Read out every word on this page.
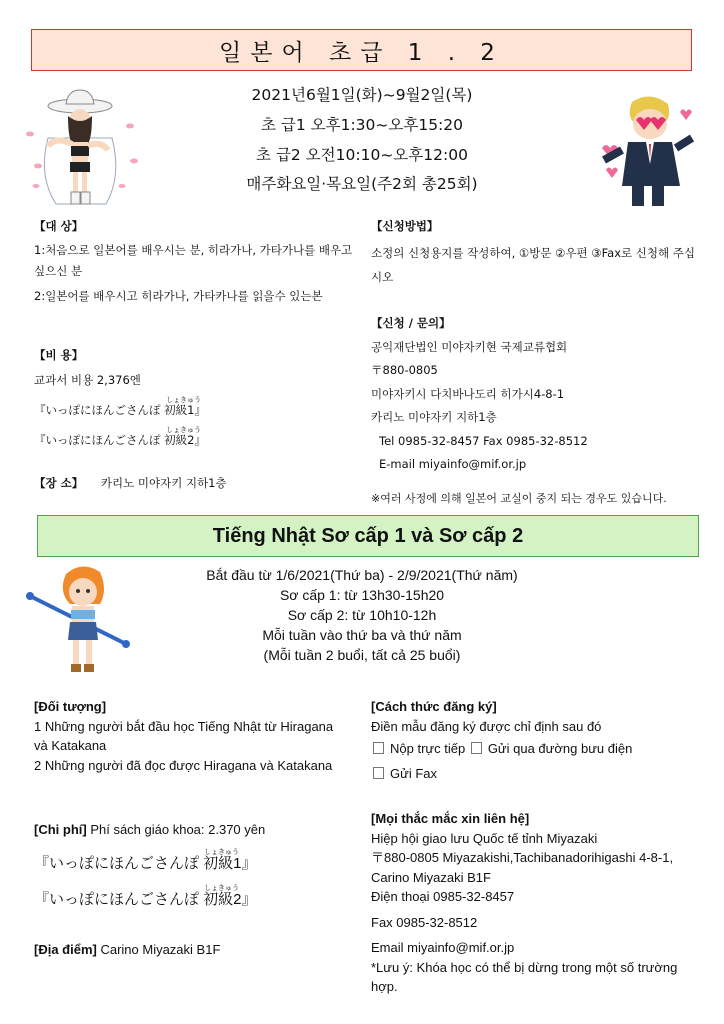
일본어 초급 1 . 2
2021년6월1일(화)~9월2일(목)
초 급1 오후1:30~오후15:20
초 급2 오전10:10~오후12:00
매주화요일·목요일(주2회 총25회)
【대 상】
1:처음으로 일본어를 배우시는 분, 히라가나, 가타가나를 배우고 싶으신 분
2:일본어를 배우시고 히라가나, 가타카나를 읽을수 있는본
【비 용】
교과서 비용 2,376엔
『いっぽにほんごさんぽ 初級1』
しょきゅう
『いっぽにほんごさんぽ 初級2』
しょきゅう
【장 소】 카리노 미야자키 지하1층
【신청방법】
소정의 신청용지를 작성하여, ①방문 ②우편 ③Fax로 신청해 주십시오
【신청 / 문의】
공익재단법인 미야자키현 국제교류협회
〒880-0805
미야자키시 다치바나도리 히가시4-8-1
카리노 미야자키 지하1층
Tel 0985-32-8457 Fax 0985-32-8512
E-mail miyainfo@mif.or.jp
※여러 사정에 의해 일본어 교실이 중지 되는 경우도 있습니다.
Tiếng Nhật Sơ cấp 1 và Sơ cấp 2
Bắt đầu từ 1/6/2021(Thứ ba) - 2/9/2021(Thứ năm)
Sơ cấp 1: từ 13h30-15h20
Sơ cấp 2: từ 10h10-12h
Mỗi tuần vào thứ ba và thứ năm
(Mỗi tuần 2 buổi, tất cả 25 buổi)
[Đối tượng]
1 Những người bắt đầu học Tiếng Nhật từ Hiragana và Katakana
2 Những người đã đọc được Hiragana và Katakana
[Chi phí] Phí sách giáo khoa: 2.370 yên
『いっぽにほんごさんぽ 初級1』
しょきゅう
『いっぽにほんごさんぽ 初級2』
しょきゅう
[Địa điểm] Carino Miyazaki B1F
[Cách thức đăng ký]
Điền mẫu đăng ký được chỉ định sau đó
Nộp trực tiếp Gửi qua đường bưu điện
Gửi Fax
[Mọi thắc mắc xin liên hệ]
Hiệp hội giao lưu Quốc tế tỉnh Miyazaki
〒880-0805 Miyazakishi,Tachibanadorihigashi 4-8-1, Carino Miyazaki B1F
Điện thoại 0985-32-8457
Fax 0985-32-8512
Email miyainfo@mif.or.jp
*Lưu ý: Khóa học có thể bị dừng trong một số trường hợp.
